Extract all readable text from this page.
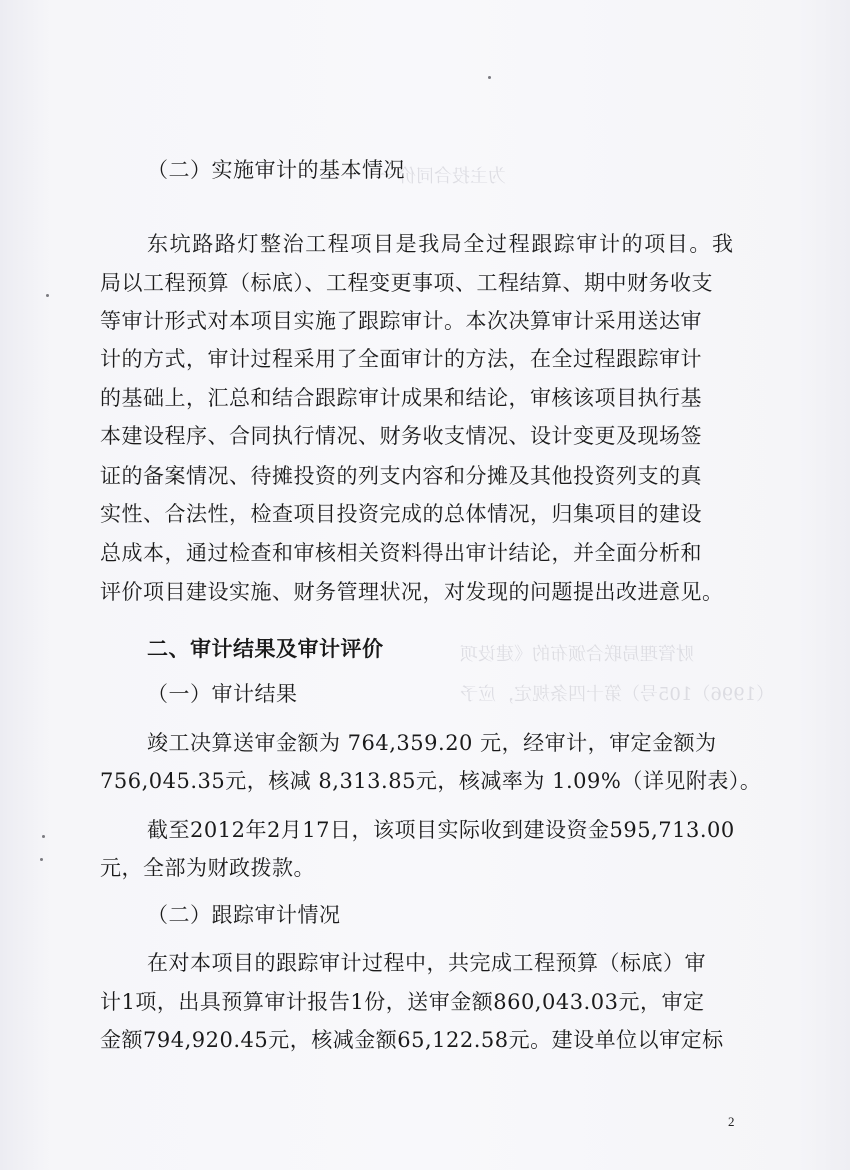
为主投合同价一
财管理局联合颁布的《建设项
（1996）105号）第十四条规定，应予
（二）实施审计的基本情况
东坑路路灯整治工程项目是我局全过程跟踪审计的项目。我
局以工程预算（标底）、工程变更事项、工程结算、期中财务收支
等审计形式对本项目实施了跟踪审计。本次决算审计采用送达审
计的方式，审计过程采用了全面审计的方法，在全过程跟踪审计
的基础上，汇总和结合跟踪审计成果和结论，审核该项目执行基
本建设程序、合同执行情况、财务收支情况、设计变更及现场签
证的备案情况、待摊投资的列支内容和分摊及其他投资列支的真
实性、合法性，检查项目投资完成的总体情况，归集项目的建设
总成本，通过检查和审核相关资料得出审计结论，并全面分析和
评价项目建设实施、财务管理状况，对发现的问题提出改进意见。
二、审计结果及审计评价
（一）审计结果
竣工决算送审金额为 764,359.20 元，经审计，审定金额为
756,045.35元，核减 8,313.85元，核减率为 1.09%（详见附表）。
截至2012年2月17日，该项目实际收到建设资金595,713.00
元，全部为财政拨款。
（二）跟踪审计情况
在对本项目的跟踪审计过程中，共完成工程预算（标底）审
计1项，出具预算审计报告1份，送审金额860,043.03元，审定
金额794,920.45元，核减金额65,122.58元。建设单位以审定标
2
